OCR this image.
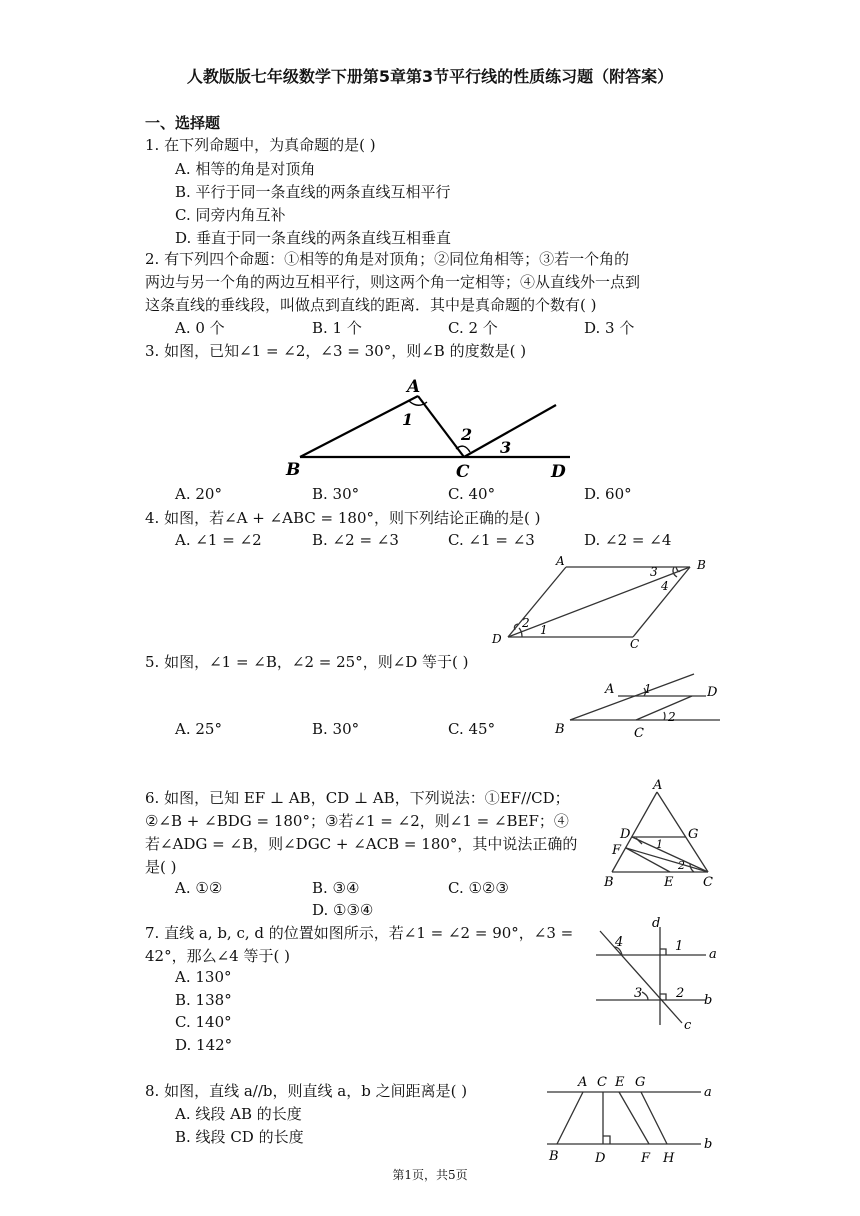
人教版版七年级数学下册第5章第3节平行线的性质练习题（附答案）
一、选择题
1. 在下列命题中，为真命题的是( )
A. 相等的角是对顶角
B. 平行于同一条直线的两条直线互相平行
C. 同旁内角互补
D. 垂直于同一条直线的两条直线互相垂直
2. 有下列四个命题：①相等的角是对顶角；②同位角相等；③若一个角的
两边与另一个角的两边互相平行，则这两个角一定相等；④从直线外一点到
这条直线的垂线段，叫做点到直线的距离．其中是真命题的个数有( )
A. 0 个	B. 1 个	C. 2 个	D. 3 个
3. 如图，已知∠1 = ∠2，∠3 = 30°，则∠B 的度数是( )
A
1
2
3
B	C	D
A. 20°	B. 30°	C. 40°	D. 60°
4. 如图，若∠A + ∠ABC = 180°，则下列结论正确的是( )
A. ∠1 = ∠2	B. ∠2 = ∠3	C. ∠1 = ∠3	D. ∠2 = ∠4
A	B
3
4
2 1
D	C
5. 如图，∠1 = ∠B，∠2 = 25°，则∠D 等于( )
A 1	D
2
B	C
A. 25°	B. 30°	C. 45°
6. 如图，已知 EF ⊥ AB，CD ⊥ AB，下列说法：①EF//CD；
②∠B + ∠BDG = 180°；③若∠1 = ∠2，则∠1 = ∠BEF；④
若∠ADG = ∠B，则∠DGC + ∠ACB = 180°，其中说法正确的
是( )
A
D	G
F	1
2
B	E C
A. ①②	B. ③④	C. ①②③
D. ①③④
7. 直线 a, b, c, d 的位置如图所示，若∠1 = ∠2 = 90°，∠3 =
42°，那么∠4 等于( )
A. 130°
B. 138°
C. 140°
D. 142°
d
4	1
a
3	2 b
c
8. 如图，直线 a//b，则直线 a，b 之间距离是( )
A. 线段 AB 的长度
B. 线段 CD 的长度
A C E G
a
b
B	D	F H
第1页，共5页
